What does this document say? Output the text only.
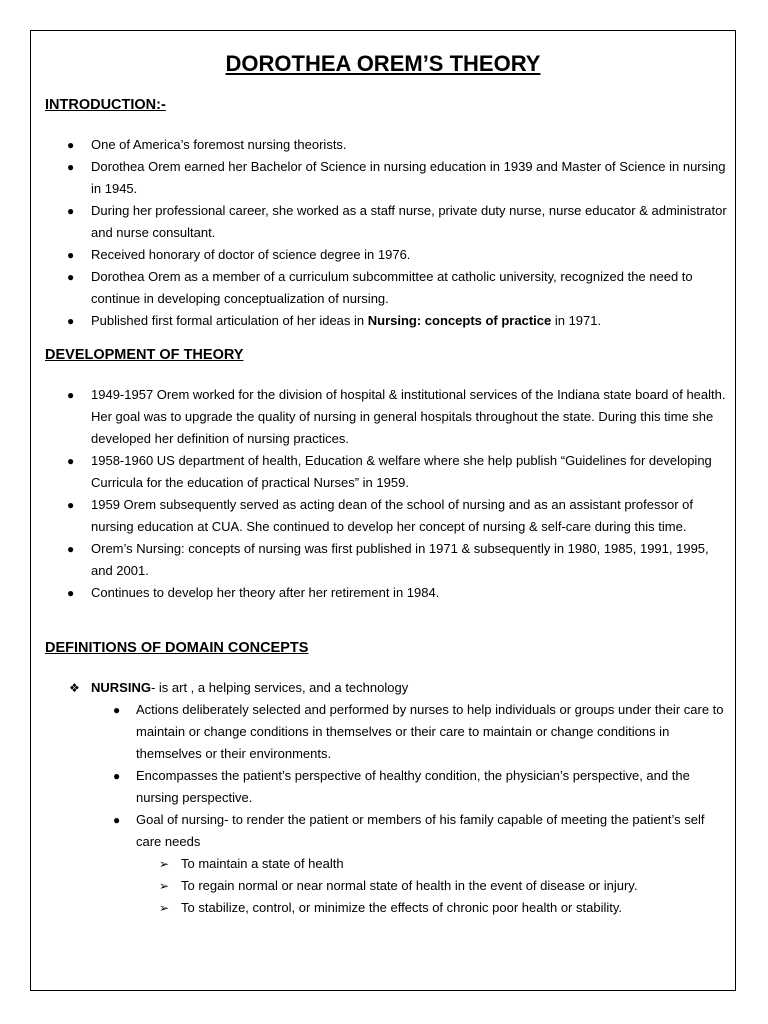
DOROTHEA OREM’S THEORY
INTRODUCTION:-
● One of America’s foremost nursing theorists.
● Dorothea Orem earned her Bachelor of Science in nursing education in 1939 and Master of Science in nursing in 1945.
● During her professional career, she worked as a staff nurse, private duty nurse, nurse educator & administrator and nurse consultant.
● Received honorary of doctor of science degree in 1976.
● Dorothea Orem as a member of a curriculum subcommittee at catholic university, recognized the need to continue in developing conceptualization of nursing.
● Published first formal articulation of her ideas in Nursing: concepts of practice in 1971.
DEVELOPMENT OF THEORY
● 1949-1957 Orem worked for the division of hospital & institutional services of the Indiana state board of health. Her goal was to upgrade the quality of nursing in general hospitals throughout the state. During this time she developed her definition of nursing practices.
● 1958-1960 US department of health, Education & welfare where she help publish “Guidelines for developing Curricula for the education of practical Nurses” in 1959.
● 1959 Orem subsequently served as acting dean of the school of nursing and as an assistant professor of nursing education at CUA. She continued to develop her concept of nursing & self-care during this time.
● Orem’s Nursing: concepts of nursing was first published in 1971 & subsequently in 1980, 1985, 1991, 1995, and 2001.
● Continues to develop her theory after her retirement in 1984.
DEFINITIONS OF DOMAIN CONCEPTS
❖ NURSING- is art , a helping services, and a technology
● Actions deliberately selected and performed by nurses to help individuals or groups under their care to maintain or change conditions in themselves or their care to maintain or change conditions in themselves or their environments.
● Encompasses the patient’s perspective of healthy condition, the physician’s perspective, and the nursing perspective.
● Goal of nursing- to render the patient or members of his family capable of meeting the patient’s self care needs
➢ To maintain a state of health
➢ To regain normal or near normal state of health in the event of disease or injury.
➢ To stabilize, control, or minimize the effects of chronic poor health or stability.
